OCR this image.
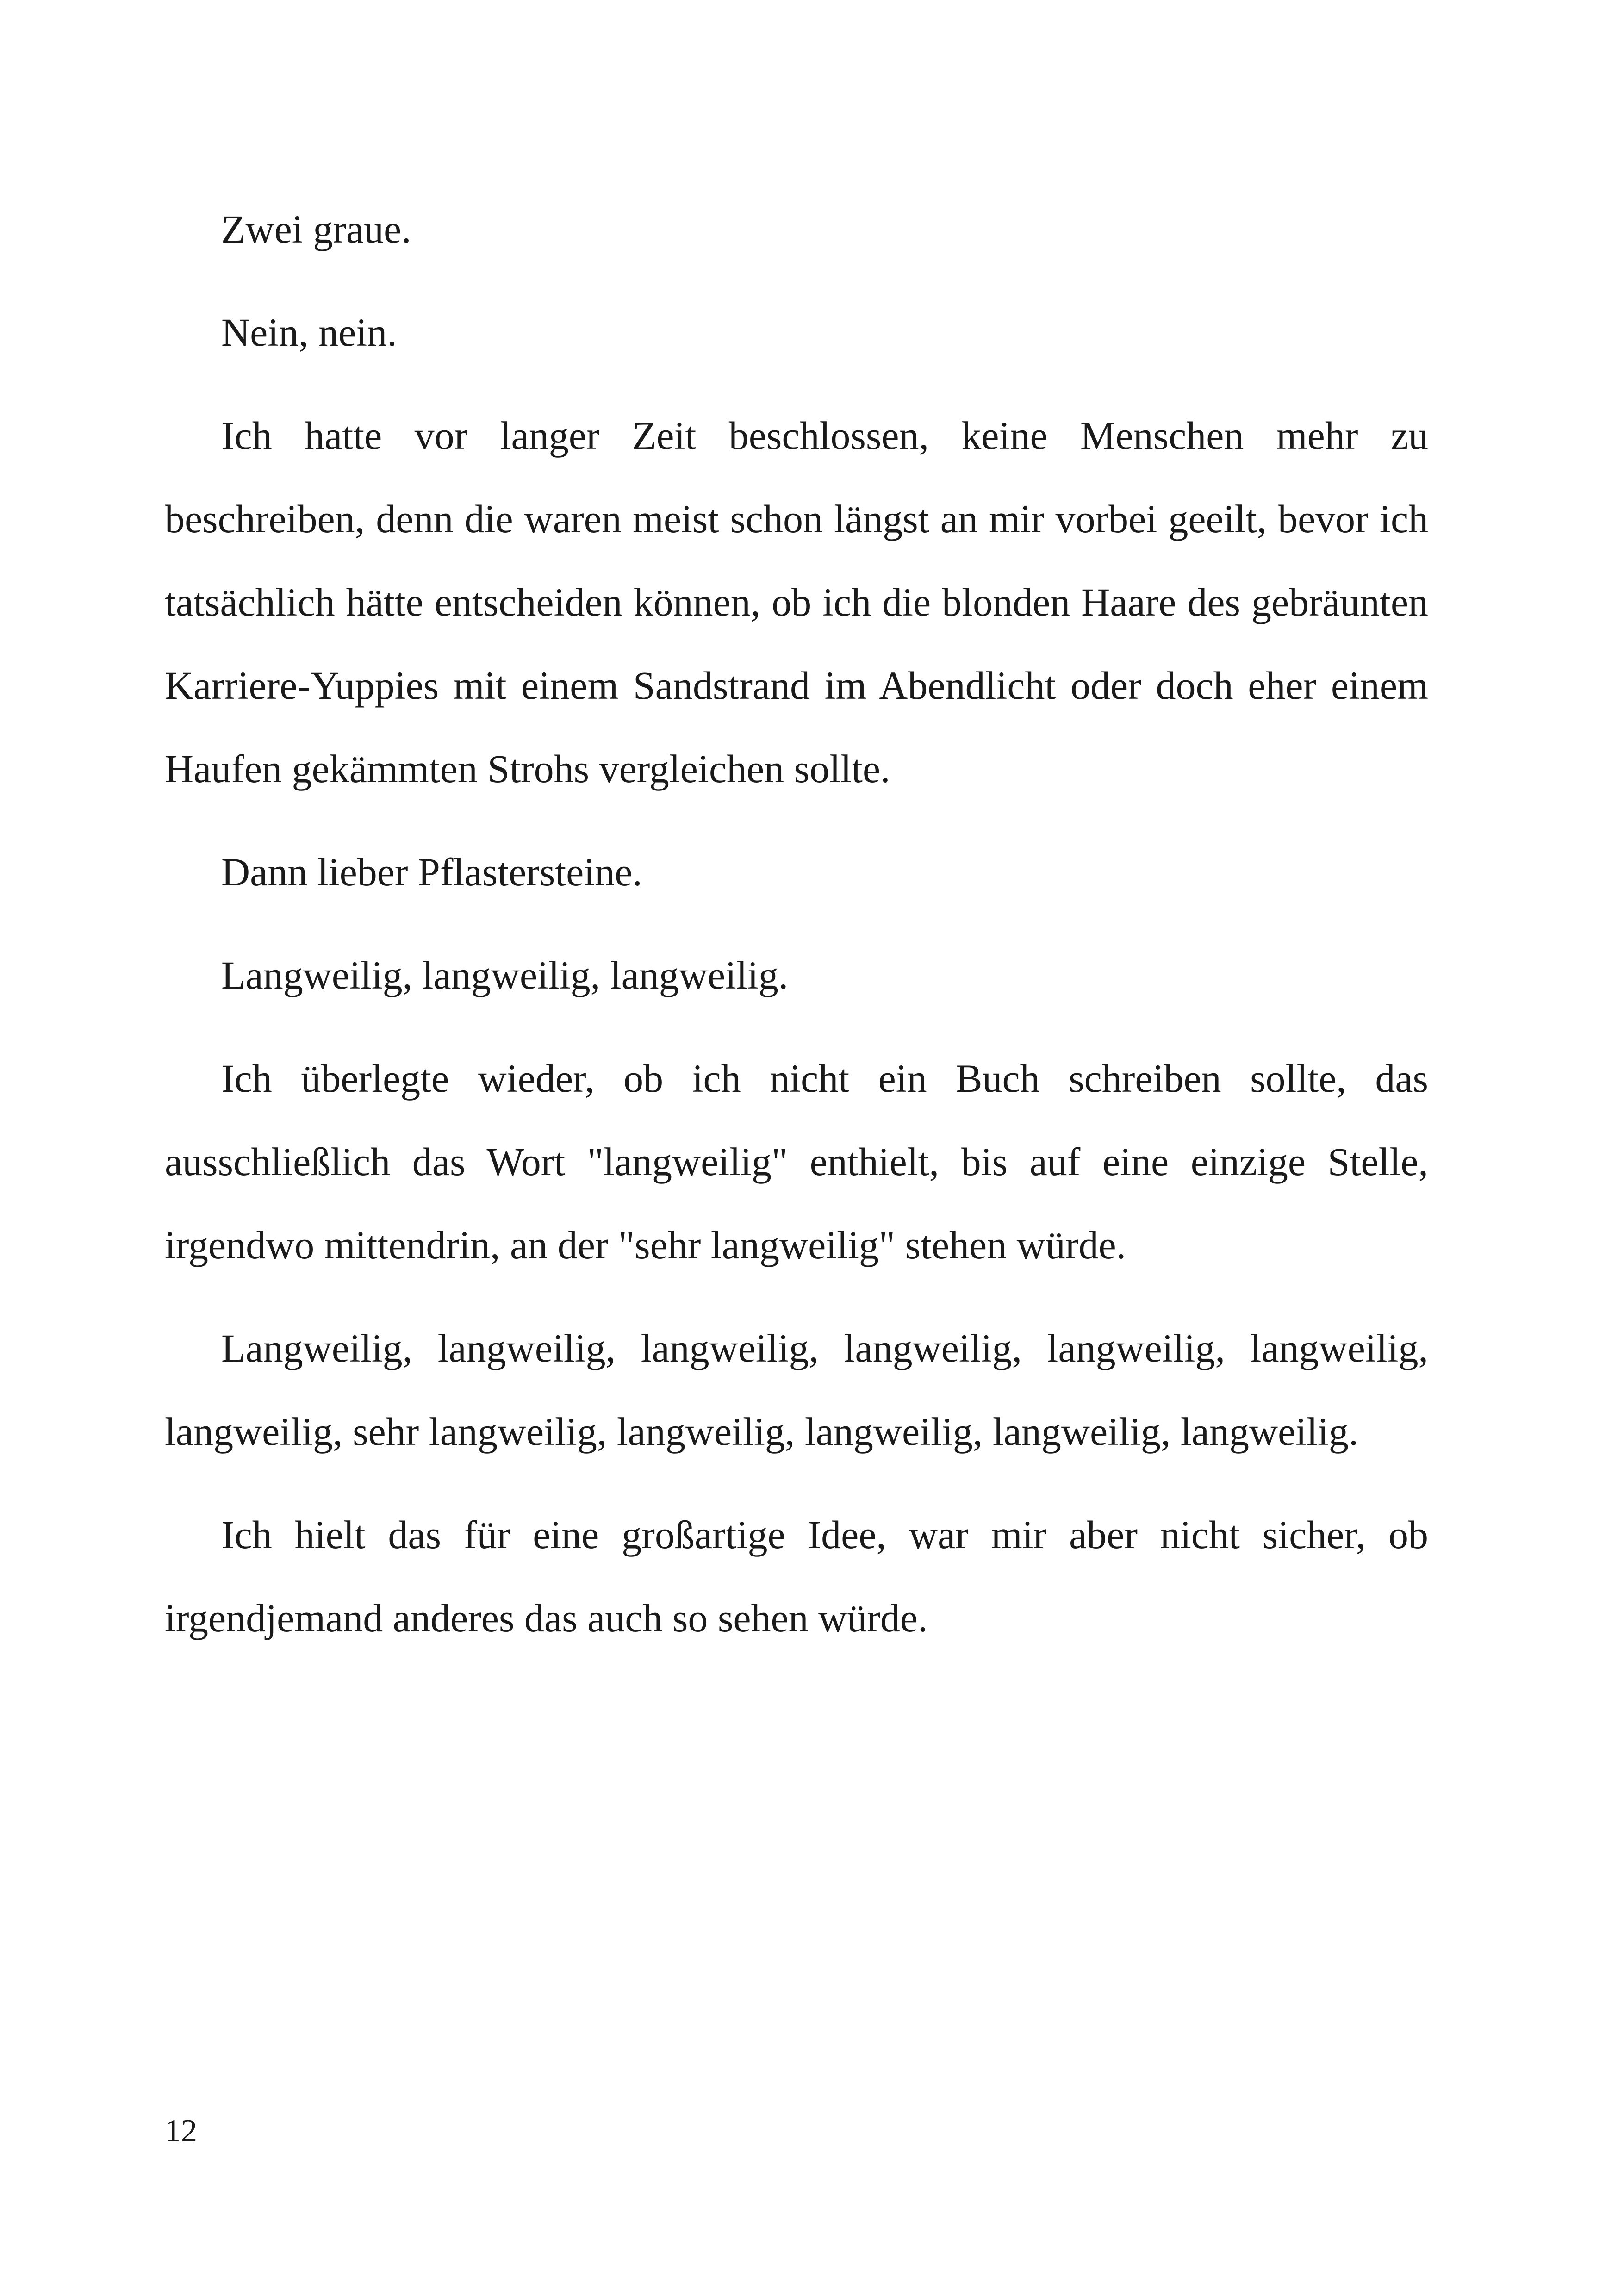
Zwei graue.

Nein, nein.

Ich hatte vor langer Zeit beschlossen, keine Menschen mehr zu beschreiben, denn die waren meist schon längst an mir vorbei geeilt, bevor ich tatsächlich hätte entscheiden können, ob ich die blonden Haare des gebräunten Karriere-Yuppies mit einem Sandstrand im Abendlicht oder doch eher einem Haufen gekämmten Strohs vergleichen sollte.

Dann lieber Pflastersteine.

Langweilig, langweilig, langweilig.

Ich überlegte wieder, ob ich nicht ein Buch schreiben sollte, das ausschließlich das Wort "langweilig" enthielt, bis auf eine einzige Stelle, irgendwo mittendrin, an der "sehr langweilig" stehen würde.

Langweilig, langweilig, langweilig, langweilig, langweilig, langweilig, langweilig, sehr langweilig, langweilig, langweilig, langweilig, langweilig.

Ich hielt das für eine großartige Idee, war mir aber nicht sicher, ob irgendjemand anderes das auch so sehen würde.

12
